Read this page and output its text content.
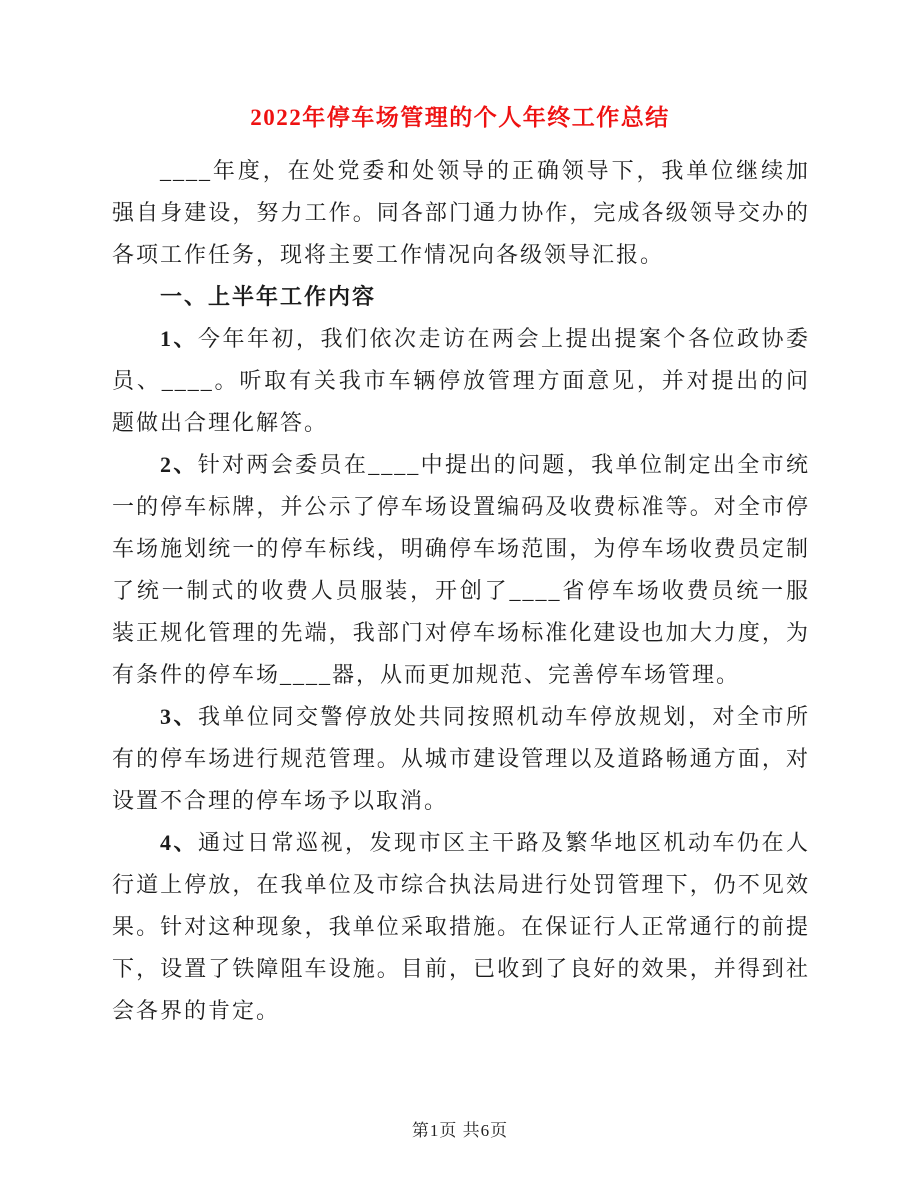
2022年停车场管理的个人年终工作总结

____年度，在处党委和处领导的正确领导下，我单位继续加强自身建设，努力工作。同各部门通力协作，完成各级领导交办的各项工作任务，现将主要工作情况向各级领导汇报。

一、上半年工作内容

1、今年年初，我们依次走访在两会上提出提案个各位政协委员、____。听取有关我市车辆停放管理方面意见，并对提出的问题做出合理化解答。

2、针对两会委员在____中提出的问题，我单位制定出全市统一的停车标牌，并公示了停车场设置编码及收费标准等。对全市停车场施划统一的停车标线，明确停车场范围，为停车场收费员定制了统一制式的收费人员服装，开创了____省停车场收费员统一服装正规化管理的先端，我部门对停车场标准化建设也加大力度，为有条件的停车场____器，从而更加规范、完善停车场管理。

3、我单位同交警停放处共同按照机动车停放规划，对全市所有的停车场进行规范管理。从城市建设管理以及道路畅通方面，对设置不合理的停车场予以取消。

4、通过日常巡视，发现市区主干路及繁华地区机动车仍在人行道上停放，在我单位及市综合执法局进行处罚管理下，仍不见效果。针对这种现象，我单位采取措施。在保证行人正常通行的前提下，设置了铁障阻车设施。目前，已收到了良好的效果，并得到社会各界的肯定。

第1页 共6页
